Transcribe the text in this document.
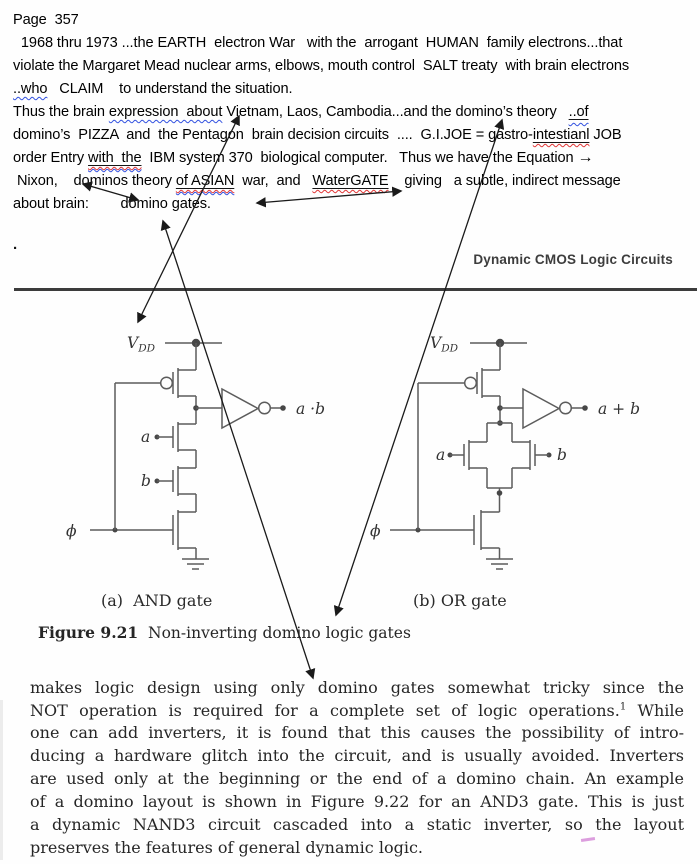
Page  357
1968 thru 1973 ...the EARTH  electron War   with the  arrogant  HUMAN  family electrons...that
violate the Margaret Mead nuclear arms, elbows, mouth control  SALT treaty  with brain electrons
..who   CLAIM    to understand the situation.
Thus the brain expression  about Vietnam, Laos, Cambodia...and the domino’s theory   ..of
domino’s  PIZZA  and  the Pentagon  brain decision circuits  ....  G.I.JOE = gastro-intestianl JOB
order Entry with  the  IBM system 370  biological computer.   Thus we have the Equation →
Nixon,    dominos theory of ASIAN  war,  and   WaterGATE    giving   a subtle, indirect message
about brain:        domino gates.
.
Dynamic CMOS Logic Circuits
(a)  AND gate	(b) OR gate
Figure 9.21  Non-inverting domino logic gates
makes logic design using only domino gates somewhat tricky since the
NOT operation is required for a complete set of logic operations.$^1$ While
one can add inverters, it is found that this causes the possibility of intro-
ducing a hardware glitch into the circuit, and is usually avoided. Inverters
are used only at the beginning or the end of a domino chain. An example
of a domino layout is shown in Figure 9.22 for an AND3 gate. This is just
a dynamic NAND3 circuit cascaded into a static inverter, so the layout
preserves the features of general dynamic logic.
$V_{DD}$
a
b
ϕ
a ·b
$V_{DD}$
a	b
ϕ
a + b
